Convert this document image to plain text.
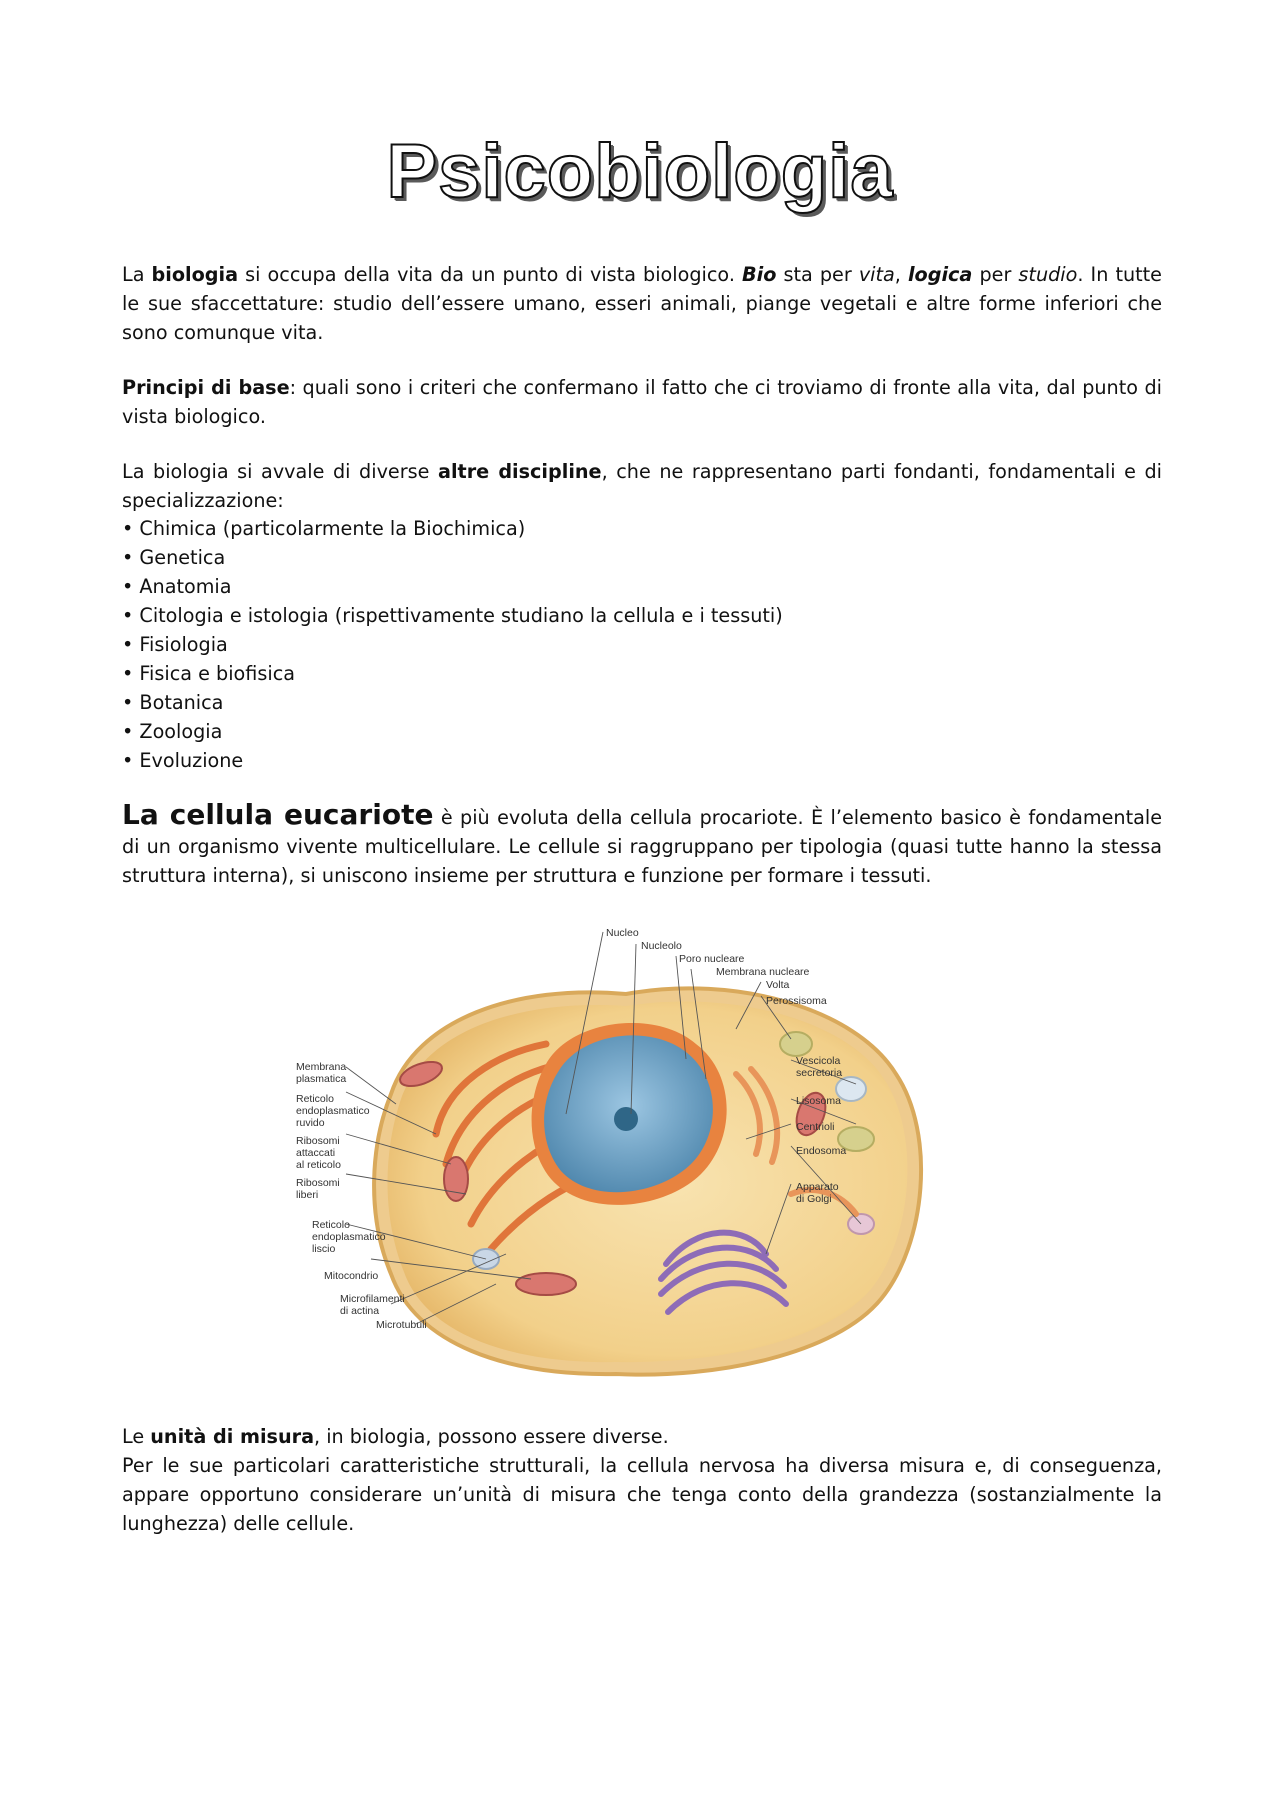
Psicobiologia

La biologia si occupa della vita da un punto di vista biologico. Bio sta per vita, logica per studio. In tutte le sue sfaccettature: studio dell’essere umano, esseri animali, piange vegetali e altre forme inferiori che sono comunque vita.

Principi di base: quali sono i criteri che confermano il fatto che ci troviamo di fronte alla vita, dal punto di vista biologico.

La biologia si avvale di diverse altre discipline, che ne rappresentano parti fondanti, fondamentali e di specializzazione:

• Chimica (particolarmente la Biochimica)
• Genetica
• Anatomia
• Citologia e istologia (rispettivamente studiano la cellula e i tessuti)
• Fisiologia
• Fisica e biofisica
• Botanica
• Zoologia
• Evoluzione

La cellula eucariote è più evoluta della cellula procariote. È l’elemento basico è fondamentale di un organismo vivente multicellulare. Le cellule si raggruppano per tipologia (quasi tutte hanno la stessa struttura interna), si uniscono insieme per struttura e funzione per formare i tessuti.

Nucleo
Nucleolo
Poro nucleare
Membrana nucleare
Volta
Perossisoma
Vescicola
secretoria
Lisosoma
Centrioli
Endosoma
Apparato
di Golgi
Membrana
plasmatica
Reticolo
endoplasmatico
ruvido
Ribosomi
attaccati
al reticolo
Ribosomi
liberi
Reticolo
endoplasmatico
liscio
Mitocondrio
Microfilamenti
di actina
Microtubuli

Le unità di misura, in biologia, possono essere diverse.

Per le sue particolari caratteristiche strutturali, la cellula nervosa ha diversa misura e, di conseguenza, appare opportuno considerare un’unità di misura che tenga conto della grandezza (sostanzialmente la lunghezza) delle cellule.
